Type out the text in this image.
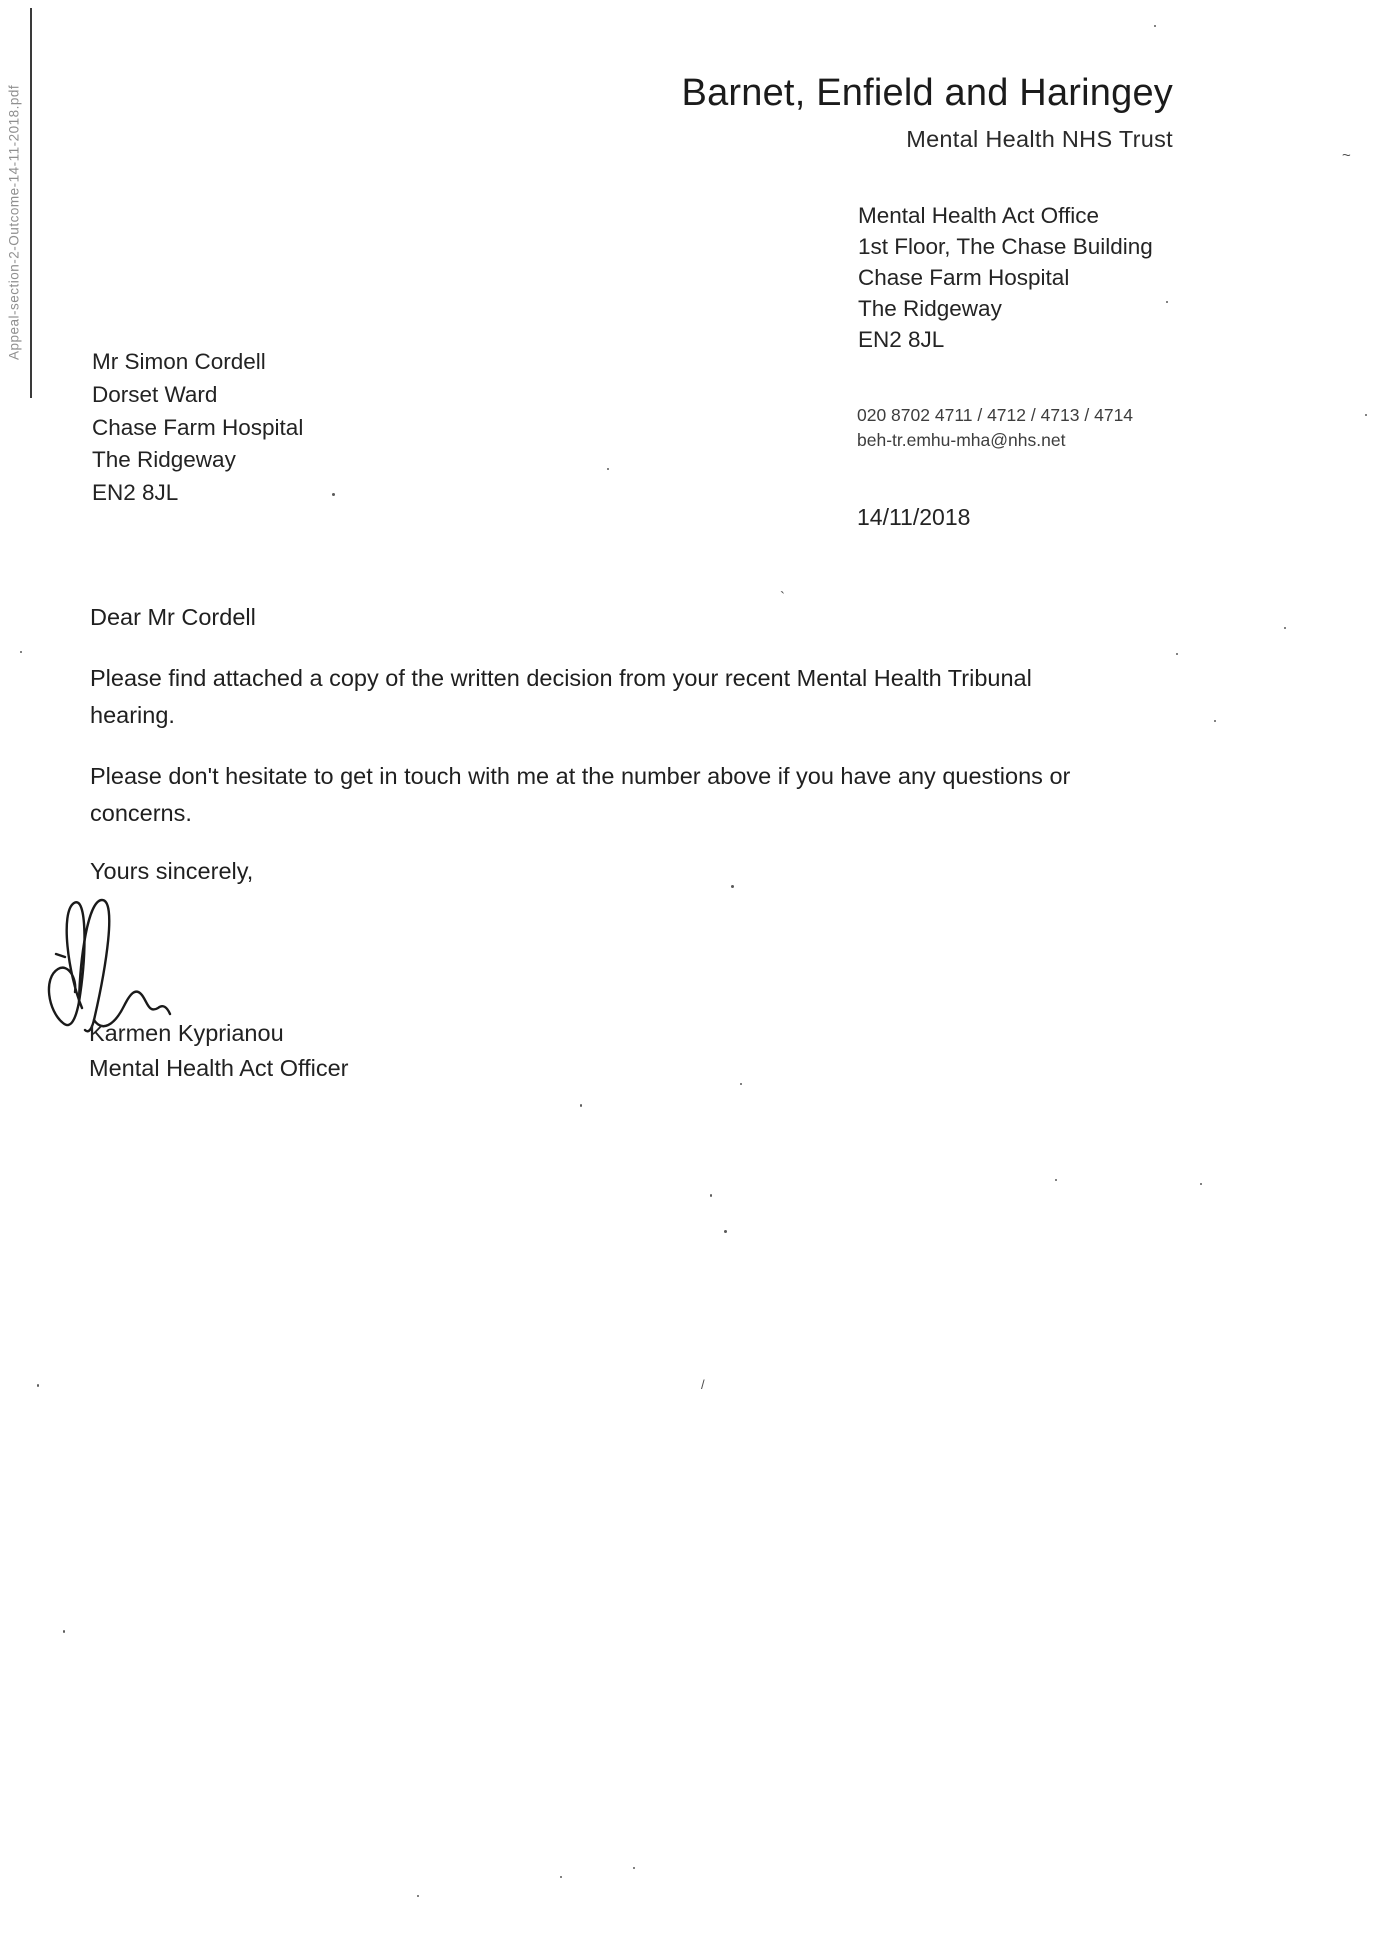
Appeal-section-2-Outcome-14-11-2018.pdf	Barnet, Enfield and Haringey
Mental Health NHS Trust
Mental Health Act Office
1st Floor, The Chase Building
Chase Farm Hospital
The Ridgeway
EN2 8JL
020 8702 4711 / 4712 / 4713 / 4714
beh-tr.emhu-mha@nhs.net
14/11/2018
Mr Simon Cordell
Dorset Ward
Chase Farm Hospital
The Ridgeway
EN2 8JL
Dear Mr Cordell
Please find attached a copy of the written decision from your recent Mental Health Tribunal
hearing.
Please don't hesitate to get in touch with me at the number above if you have any questions or
concerns.
Yours sincerely,
Karmen Kyprianou
Mental Health Act Officer
~
`
/
